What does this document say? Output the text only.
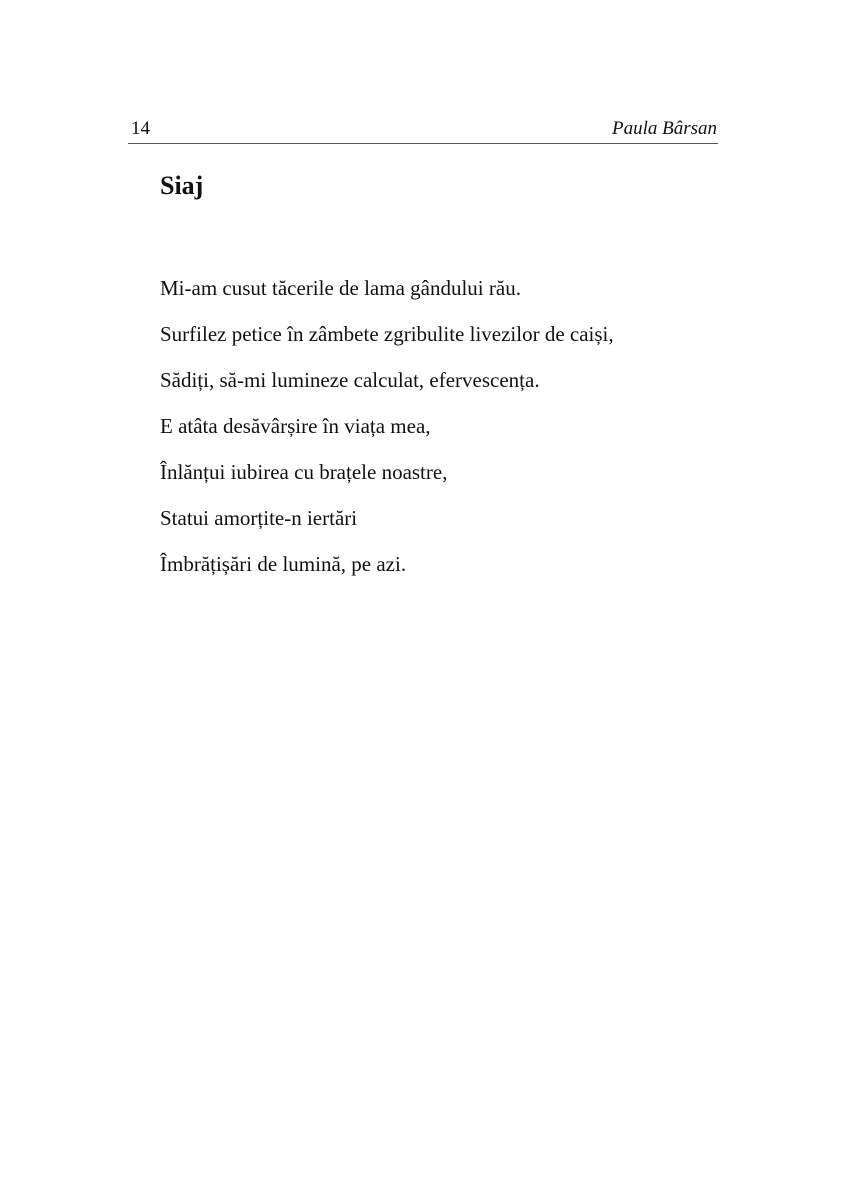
14	Paula Bârsan
Siaj
Mi-am cusut tăcerile de lama gândului rău.
Surfilez petice în zâmbete zgribulite livezilor de caiși,
Sădiți, să-mi lumineze calculat, efervescența.
E atâta desăvârșire în viața mea,
Înlănțui iubirea cu brațele noastre,
Statui amorțite-n iertări
Îmbrățișări de lumină, pe azi.
